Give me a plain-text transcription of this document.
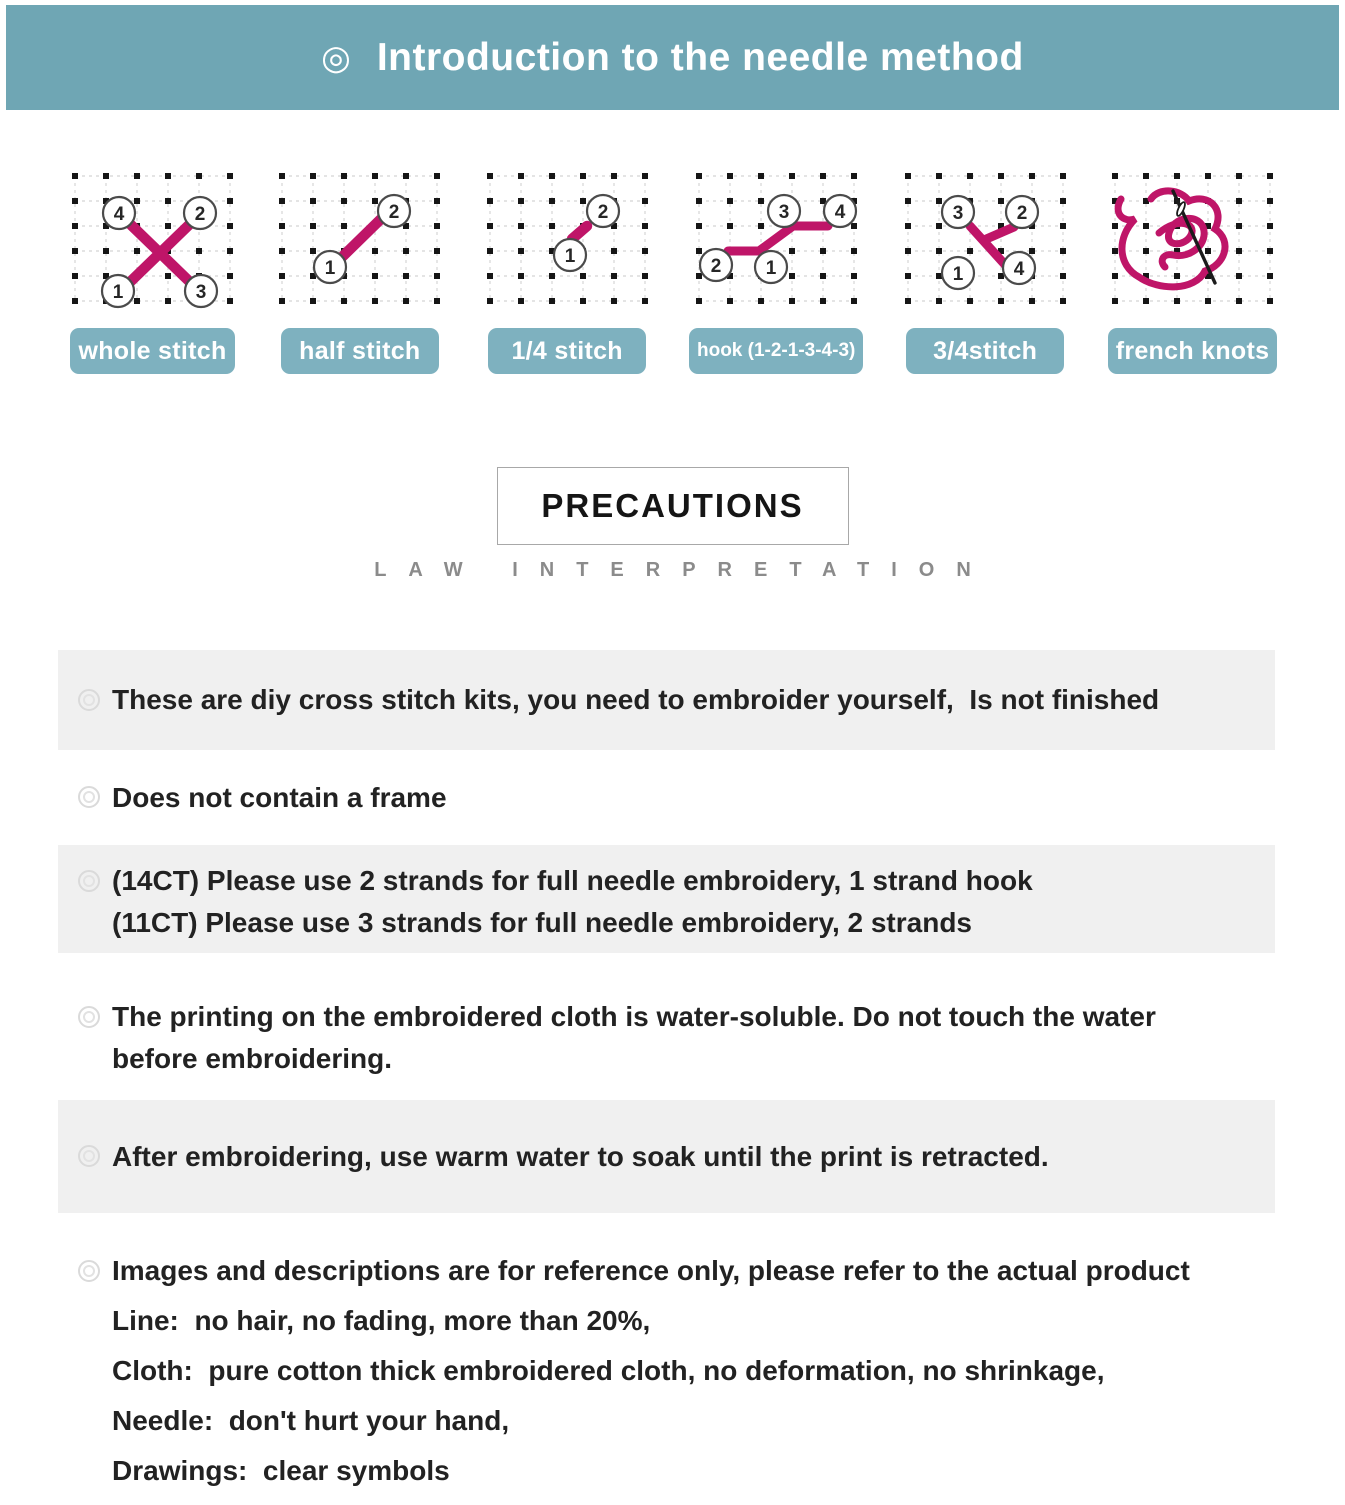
◎ Introduction to the needle method
4	2
1	3
whole stitch
1
2
half stitch
1
2
1/4 stitch
2 1
3 4
hook (1-2-1-3-4-3)
3	2
1	4
3/4stitch	french knots
PRECAUTIONS
LAW INTERPRETATION
These are diy cross stitch kits, you need to embroider yourself,  Is not finished
Does not contain a frame
(14CT) Please use 2 strands for full needle embroidery, 1 strand hook
(11CT) Please use 3 strands for full needle embroidery, 2 strands
The printing on the embroidered cloth is water-soluble. Do not touch the water
before embroidering.
After embroidering, use warm water to soak until the print is retracted.
Images and descriptions are for reference only, please refer to the actual product
Line:  no hair, no fading, more than 20%,
Cloth:  pure cotton thick embroidered cloth, no deformation, no shrinkage,
Needle:  don't hurt your hand,
Drawings:  clear symbols
